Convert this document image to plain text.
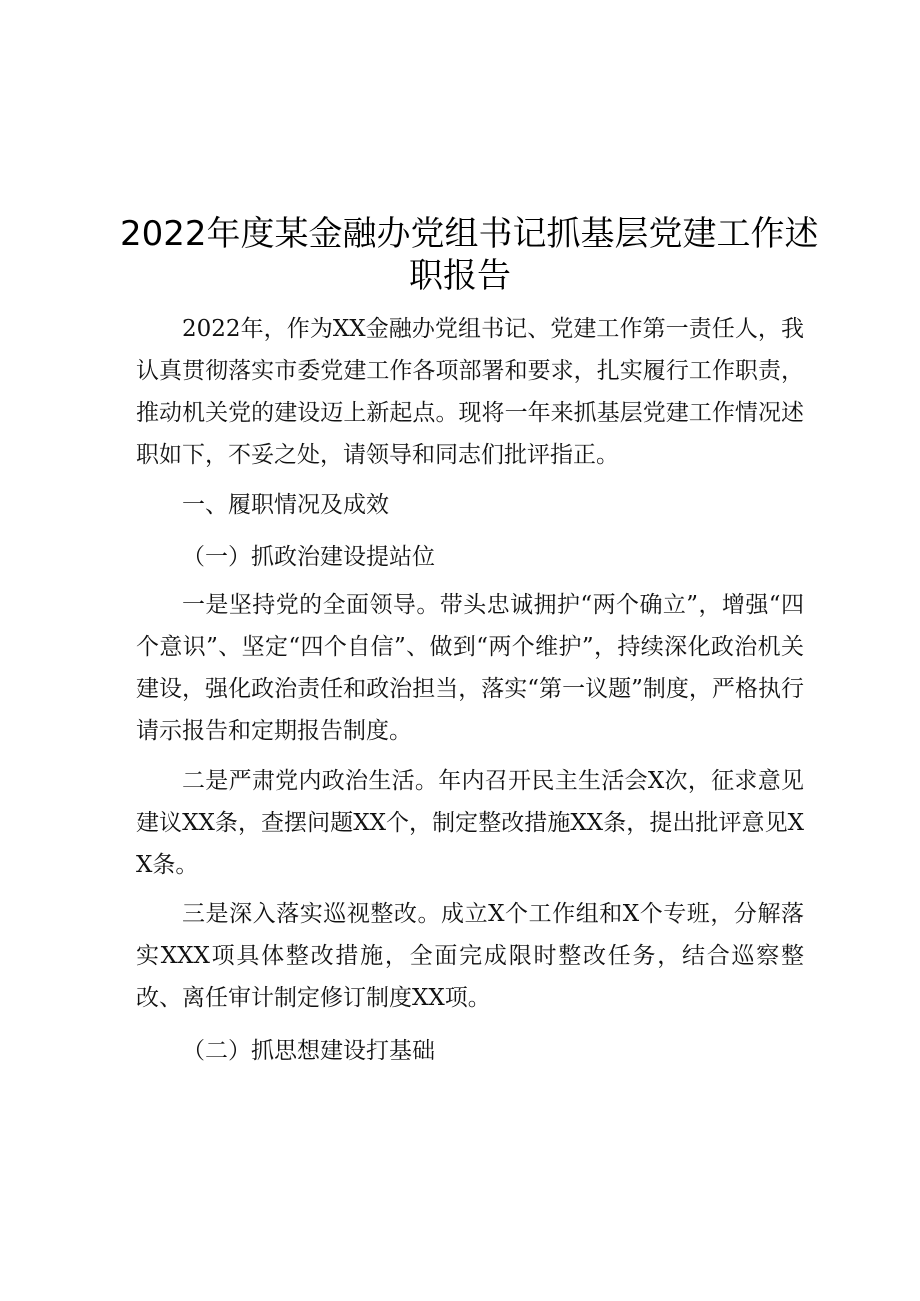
2022年度某金融办党组书记抓基层党建工作述
职报告

2022年，作为XX金融办党组书记、党建工作第一责任人，我认真贯彻落实市委党建工作各项部署和要求，扎实履行工作职责，推动机关党的建设迈上新起点。现将一年来抓基层党建工作情况述职如下，不妥之处，请领导和同志们批评指正。

一、履职情况及成效

（一）抓政治建设提站位

一是坚持党的全面领导。带头忠诚拥护“两个确立”，增强“四个意识”、坚定“四个自信”、做到“两个维护”，持续深化政治机关建设，强化政治责任和政治担当，落实“第一议题”制度，严格执行请示报告和定期报告制度。

二是严肃党内政治生活。年内召开民主生活会X次，征求意见建议XX条，查摆问题XX个，制定整改措施XX条，提出批评意见XX条。

三是深入落实巡视整改。成立X个工作组和X个专班，分解落实XXX项具体整改措施，全面完成限时整改任务，结合巡察整改、离任审计制定修订制度XX项。

（二）抓思想建设打基础
